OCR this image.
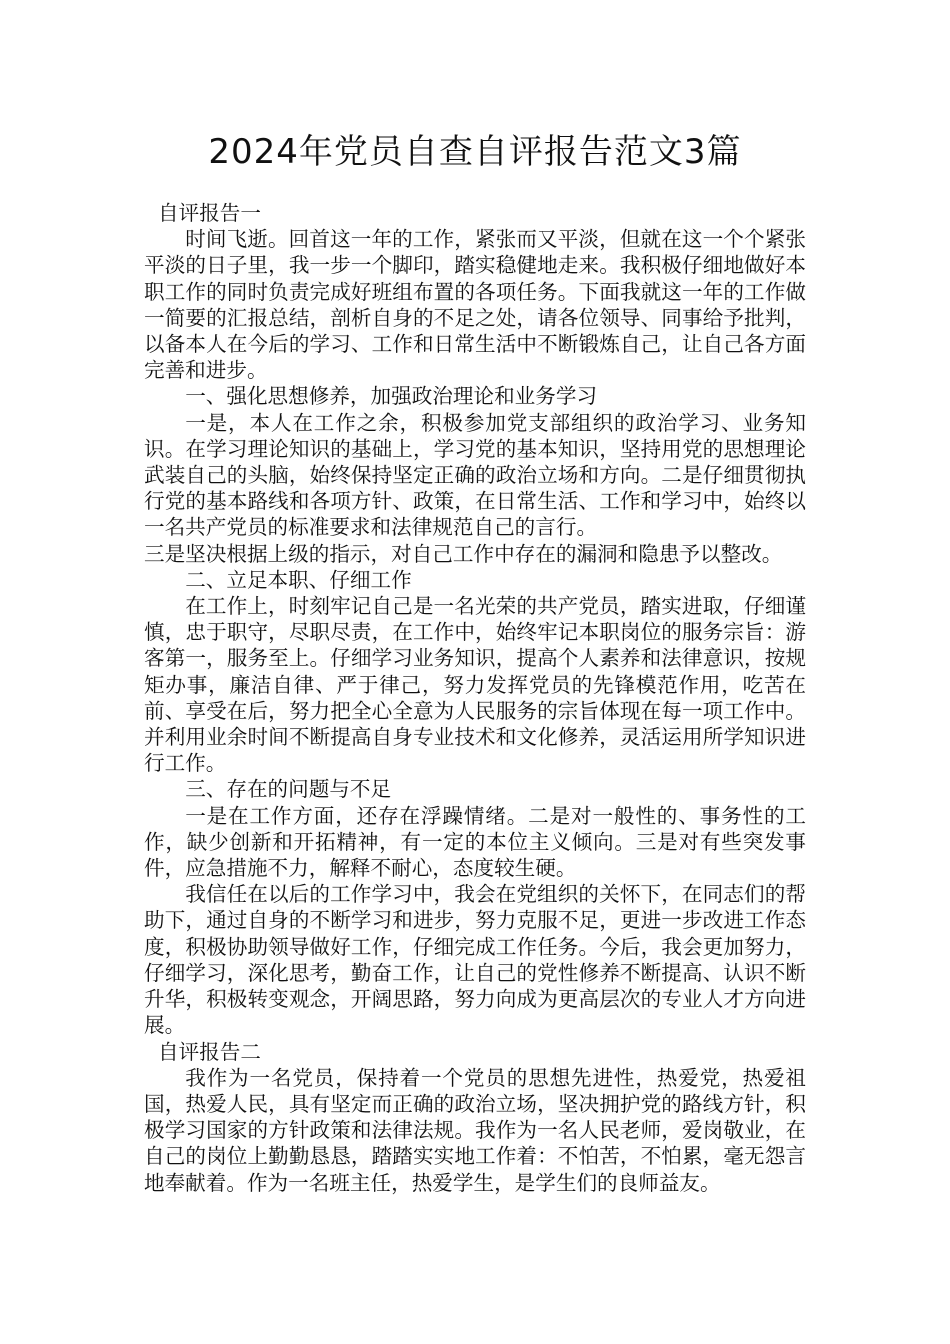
2024年党员自查自评报告范文3篇

自评报告一

时间飞逝。回首这一年的工作，紧张而又平淡，但就在这一个个紧张平淡的日子里，我一步一个脚印，踏实稳健地走来。我积极仔细地做好本职工作的同时负责完成好班组布置的各项任务。下面我就这一年的工作做一简要的汇报总结，剖析自身的不足之处，请各位领导、同事给予批判，以备本人在今后的学习、工作和日常生活中不断锻炼自己，让自己各方面完善和进步。

一、强化思想修养，加强政治理论和业务学习

一是，本人在工作之余，积极参加党支部组织的政治学习、业务知识。在学习理论知识的基础上，学习党的基本知识，坚持用党的思想理论武装自己的头脑，始终保持坚定正确的政治立场和方向。二是仔细贯彻执行党的基本路线和各项方针、政策，在日常生活、工作和学习中，始终以一名共产党员的标准要求和法律规范自己的言行。

三是坚决根据上级的指示，对自己工作中存在的漏洞和隐患予以整改。

二、立足本职、仔细工作

在工作上，时刻牢记自己是一名光荣的共产党员，踏实进取，仔细谨慎，忠于职守，尽职尽责，在工作中，始终牢记本职岗位的服务宗旨：游客第一，服务至上。仔细学习业务知识，提高个人素养和法律意识，按规矩办事，廉洁自律、严于律己，努力发挥党员的先锋模范作用，吃苦在前、享受在后，努力把全心全意为人民服务的宗旨体现在每一项工作中。并利用业余时间不断提高自身专业技术和文化修养，灵活运用所学知识进行工作。

三、存在的问题与不足

一是在工作方面，还存在浮躁情绪。二是对一般性的、事务性的工作，缺少创新和开拓精神，有一定的本位主义倾向。三是对有些突发事件，应急措施不力，解释不耐心，态度较生硬。

我信任在以后的工作学习中，我会在党组织的关怀下，在同志们的帮助下，通过自身的不断学习和进步，努力克服不足，更进一步改进工作态度，积极协助领导做好工作，仔细完成工作任务。今后，我会更加努力，仔细学习，深化思考，勤奋工作，让自己的党性修养不断提高、认识不断升华，积极转变观念，开阔思路，努力向成为更高层次的专业人才方向进展。

自评报告二

我作为一名党员，保持着一个党员的思想先进性，热爱党，热爱祖国，热爱人民，具有坚定而正确的政治立场，坚决拥护党的路线方针，积极学习国家的方针政策和法律法规。我作为一名人民老师，爱岗敬业，在自己的岗位上勤勤恳恳，踏踏实实地工作着：不怕苦，不怕累，毫无怨言地奉献着。作为一名班主任，热爱学生，是学生们的良师益友。
